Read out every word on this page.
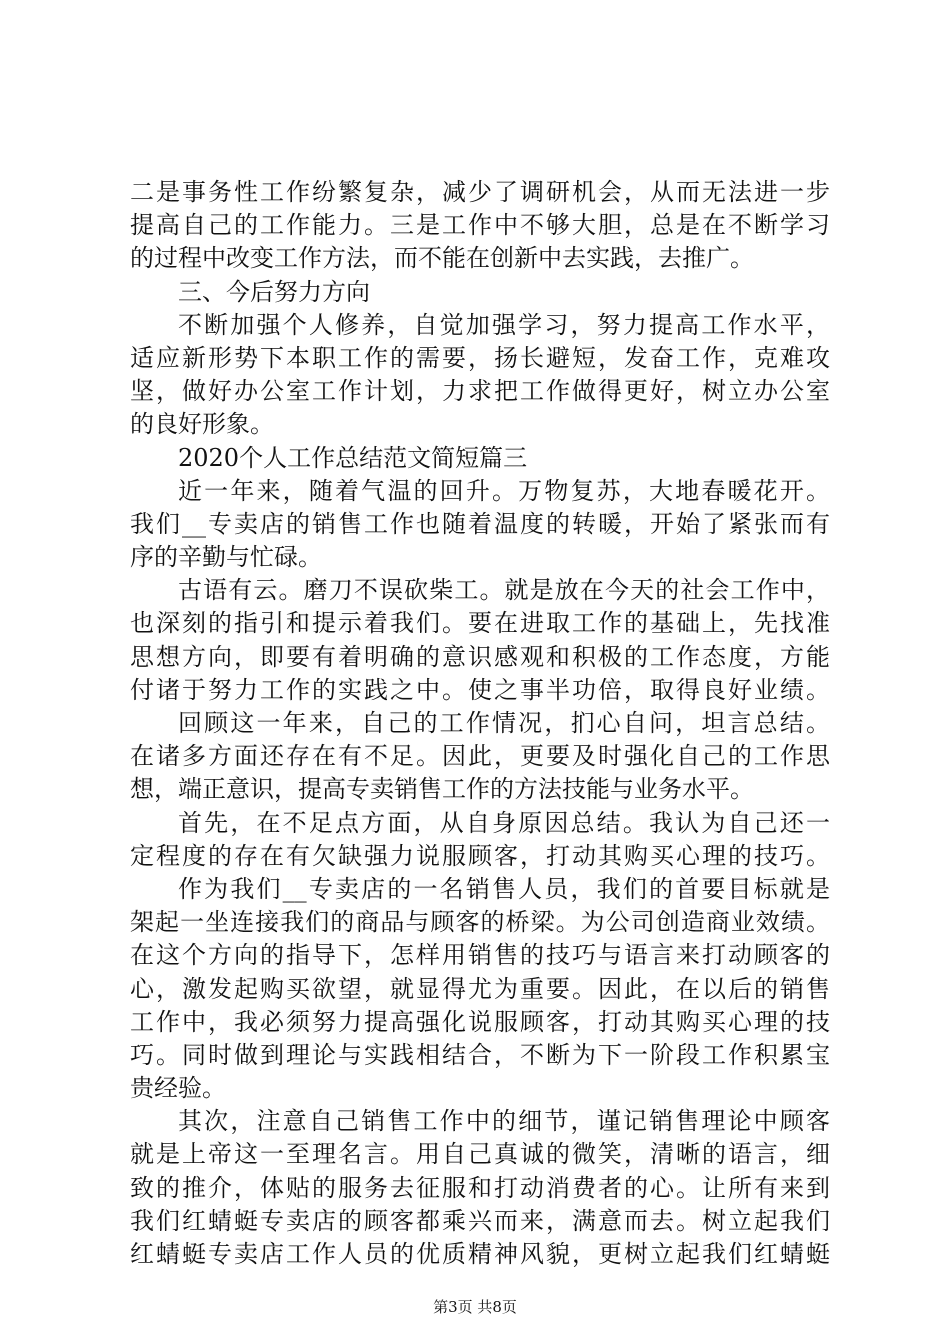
二是事务性工作纷繁复杂，减少了调研机会，从而无法进一步
提高自己的工作能力。三是工作中不够大胆，总是在不断学习
的过程中改变工作方法，而不能在创新中去实践，去推广。
三、今后努力方向
不断加强个人修养，自觉加强学习，努力提高工作水平，
适应新形势下本职工作的需要，扬长避短，发奋工作，克难攻
坚，做好办公室工作计划，力求把工作做得更好，树立办公室
的良好形象。
2020个人工作总结范文简短篇三
近一年来，随着气温的回升。万物复苏，大地春暖花开。
我们__专卖店的销售工作也随着温度的转暖，开始了紧张而有
序的辛勤与忙碌。
古语有云。磨刀不误砍柴工。就是放在今天的社会工作中，
也深刻的指引和提示着我们。要在进取工作的基础上，先找准
思想方向，即要有着明确的意识感观和积极的工作态度，方能
付诸于努力工作的实践之中。使之事半功倍，取得良好业绩。
回顾这一年来，自己的工作情况，扪心自问，坦言总结。
在诸多方面还存在有不足。因此，更要及时强化自己的工作思
想，端正意识，提高专卖销售工作的方法技能与业务水平。
首先，在不足点方面，从自身原因总结。我认为自己还一
定程度的存在有欠缺强力说服顾客，打动其购买心理的技巧。
作为我们__专卖店的一名销售人员，我们的首要目标就是
架起一坐连接我们的商品与顾客的桥梁。为公司创造商业效绩。
在这个方向的指导下，怎样用销售的技巧与语言来打动顾客的
心，激发起购买欲望，就显得尤为重要。因此，在以后的销售
工作中，我必须努力提高强化说服顾客，打动其购买心理的技
巧。同时做到理论与实践相结合，不断为下一阶段工作积累宝
贵经验。
其次，注意自己销售工作中的细节，谨记销售理论中顾客
就是上帝这一至理名言。用自己真诚的微笑，清晰的语言，细
致的推介，体贴的服务去征服和打动消费者的心。让所有来到
我们红蜻蜓专卖店的顾客都乘兴而来，满意而去。树立起我们
红蜻蜓专卖店工作人员的优质精神风貌，更树立起我们红蜻蜓
第3页 共8页
